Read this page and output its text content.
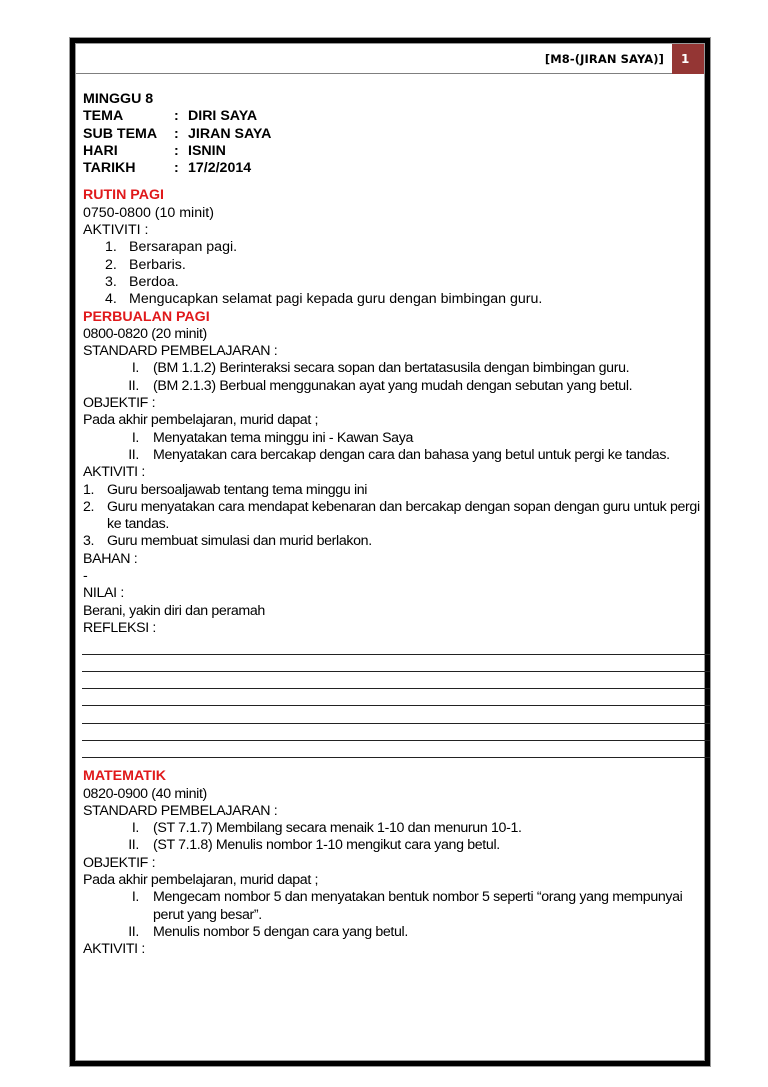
[M8-(JIRAN SAYA)]	1
MINGGU 8
TEMA	: DIRI SAYA
SUB TEMA	: JIRAN SAYA
HARI	: ISNIN
TARIKH	: 17/2/2014
RUTIN PAGI
0750-0800 (10 minit)
AKTIVITI :
1. Bersarapan pagi.
2. Berbaris.
3. Berdoa.
4. Mengucapkan selamat pagi kepada guru dengan bimbingan guru.
PERBUALAN PAGI
0800-0820 (20 minit)
STANDARD PEMBELAJARAN :
I. (BM 1.1.2) Berinteraksi secara sopan dan bertatasusila dengan bimbingan guru.
II. (BM 2.1.3) Berbual menggunakan ayat yang mudah dengan sebutan yang betul.
OBJEKTIF :
Pada akhir pembelajaran, murid dapat ;
I. Menyatakan tema minggu ini - Kawan Saya
II. Menyatakan cara bercakap dengan cara dan bahasa yang betul untuk pergi ke tandas.
AKTIVITI :
1. Guru bersoaljawab tentang tema minggu ini
2. Guru menyatakan cara mendapat kebenaran dan bercakap dengan sopan dengan guru untuk pergi ke tandas.
3. Guru membuat simulasi dan murid berlakon.
BAHAN :
-
NILAI :
Berani, yakin diri dan peramah
REFLEKSI :
MATEMATIK
0820-0900 (40 minit)
STANDARD PEMBELAJARAN :
I. (ST 7.1.7) Membilang secara menaik 1-10 dan menurun 10-1.
II. (ST 7.1.8) Menulis nombor 1-10 mengikut cara yang betul.
OBJEKTIF :
Pada akhir pembelajaran, murid dapat ;
I. Mengecam nombor 5 dan menyatakan bentuk nombor 5 seperti “orang yang mempunyai perut yang besar”.
II. Menulis nombor 5 dengan cara yang betul.
AKTIVITI :
